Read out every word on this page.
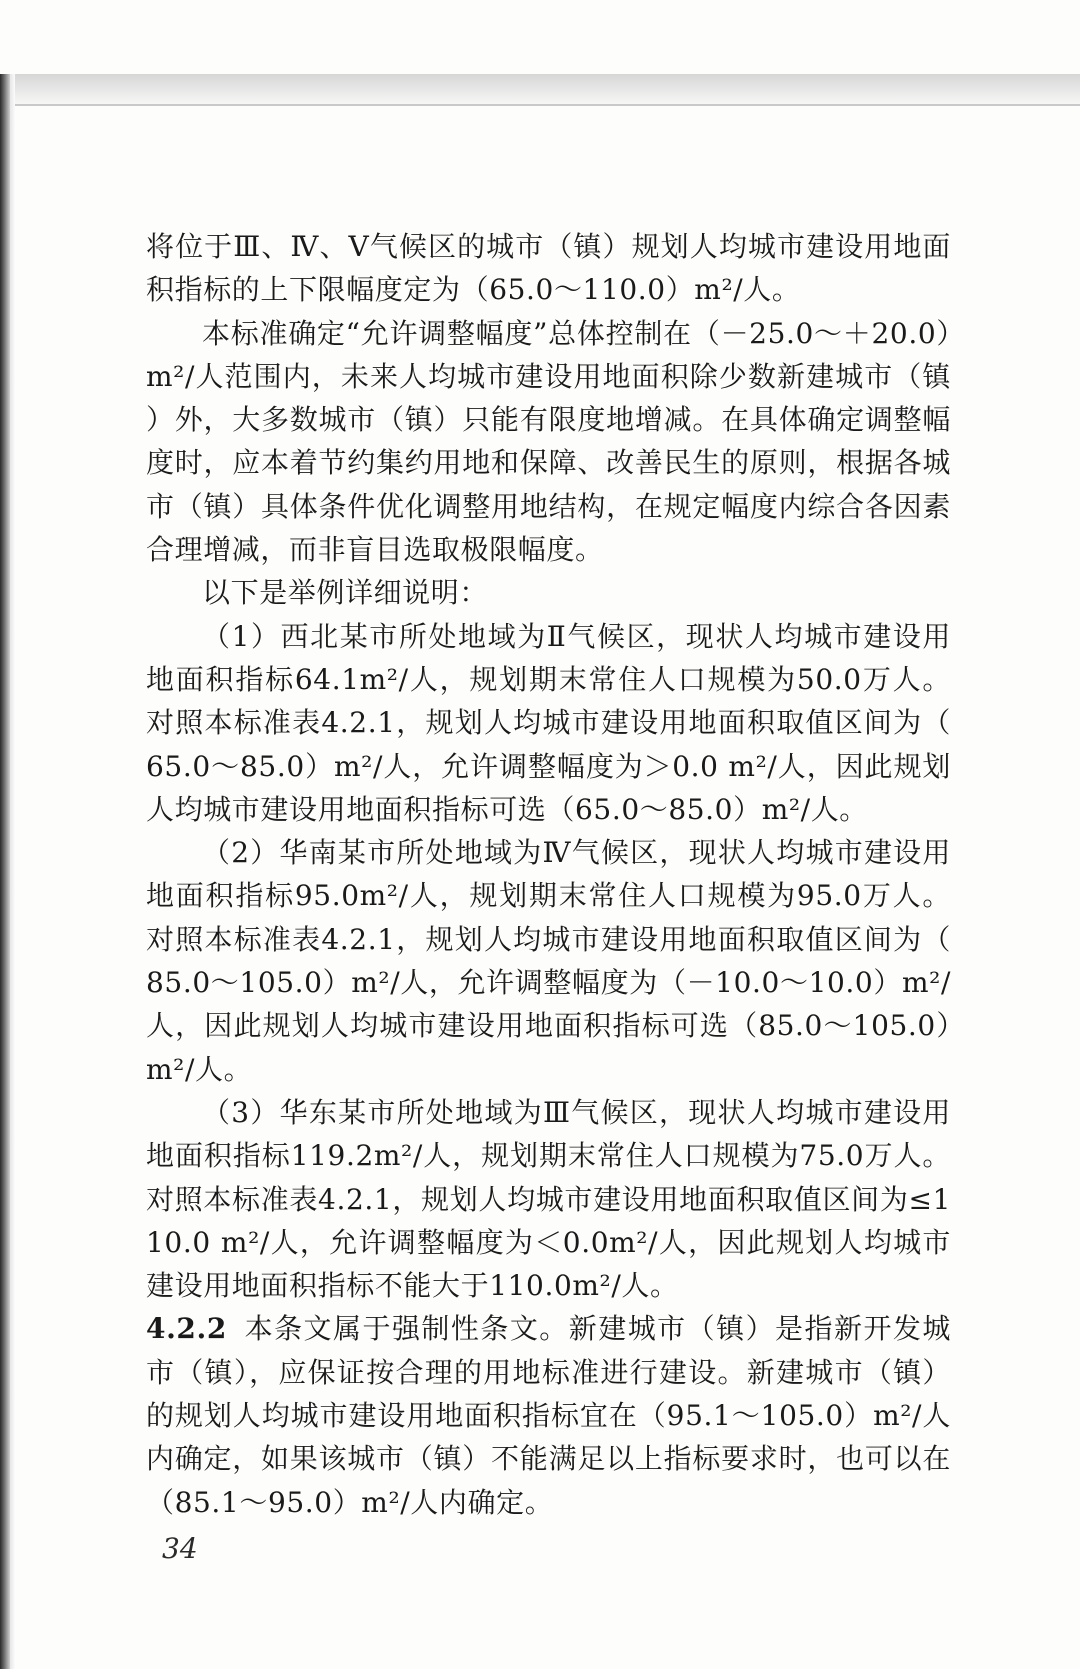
将位于Ⅲ、Ⅳ、Ⅴ气候区的城市（镇）规划人均城市建设用地面积指标的上下限幅度定为（65.0～110.0）m²/人。

本标准确定“允许调整幅度”总体控制在（－25.0～＋20.0）m²/人范围内，未来人均城市建设用地面积除少数新建城市（镇）外，大多数城市（镇）只能有限度地增减。在具体确定调整幅度时，应本着节约集约用地和保障、改善民生的原则，根据各城市（镇）具体条件优化调整用地结构，在规定幅度内综合各因素合理增减，而非盲目选取极限幅度。

以下是举例详细说明：

（1）西北某市所处地域为Ⅱ气候区，现状人均城市建设用地面积指标64.1m²/人，规划期末常住人口规模为50.0万人。对照本标准表4.2.1，规划人均城市建设用地面积取值区间为（65.0～85.0）m²/人，允许调整幅度为＞0.0 m²/人，因此规划人均城市建设用地面积指标可选（65.0～85.0）m²/人。

（2）华南某市所处地域为Ⅳ气候区，现状人均城市建设用地面积指标95.0m²/人，规划期末常住人口规模为95.0万人。对照本标准表4.2.1，规划人均城市建设用地面积取值区间为（85.0～105.0）m²/人，允许调整幅度为（－10.0～10.0）m²/人，因此规划人均城市建设用地面积指标可选（85.0～105.0）m²/人。

（3）华东某市所处地域为Ⅲ气候区，现状人均城市建设用地面积指标119.2m²/人，规划期末常住人口规模为75.0万人。对照本标准表4.2.1，规划人均城市建设用地面积取值区间为≤110.0 m²/人，允许调整幅度为＜0.0m²/人，因此规划人均城市建设用地面积指标不能大于110.0m²/人。

4.2.2 本条文属于强制性条文。新建城市（镇）是指新开发城市（镇），应保证按合理的用地标准进行建设。新建城市（镇）的规划人均城市建设用地面积指标宜在（95.1～105.0）m²/人内确定，如果该城市（镇）不能满足以上指标要求时，也可以在（85.1～95.0）m²/人内确定。

34
